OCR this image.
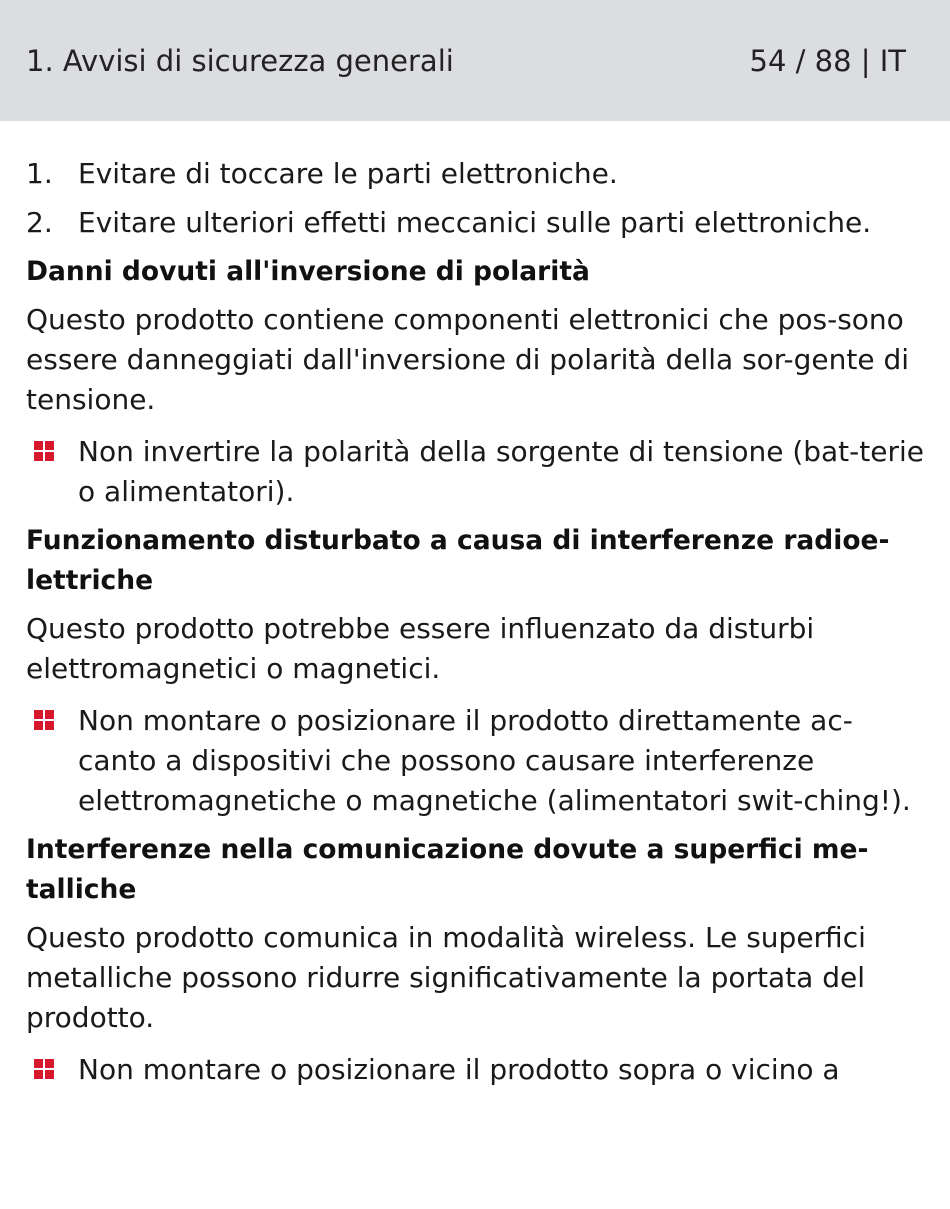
1. Avvisi di sicurezza generali	54 / 88 | IT
1. Evitare di toccare le parti elettroniche.
2. Evitare ulteriori effetti meccanici sulle parti elettroniche.
Danni dovuti all'inversione di polarità

Questo prodotto contiene componenti elettronici che pos-sono essere danneggiati dall'inversione di polarità della sor-gente di tensione.

Non invertire la polarità della sorgente di tensione (bat-terie o alimentatori).
Funzionamento disturbato a causa di interferenze radioe-lettriche

Questo prodotto potrebbe essere influenzato da disturbi elettromagnetici o magnetici.

Non montare o posizionare il prodotto direttamente ac-canto a dispositivi che possono causare interferenze elettromagnetiche o magnetiche (alimentatori swit-ching!).
Interferenze nella comunicazione dovute a superfici me-talliche

Questo prodotto comunica in modalità wireless. Le superfici metalliche possono ridurre significativamente la portata del prodotto.

Non montare o posizionare il prodotto sopra o vicino a
